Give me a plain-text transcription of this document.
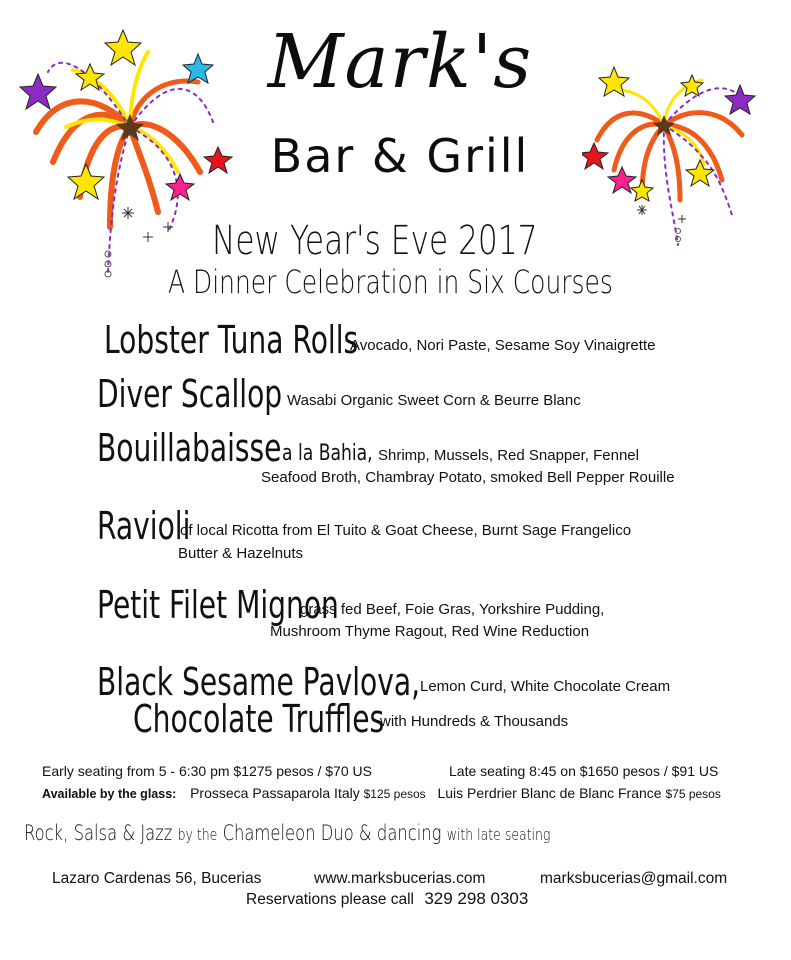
Mark's
Bar & Grill
New Year's Eve 2017
A Dinner Celebration in Six Courses
Lobster Tuna Rolls
Avocado, Nori Paste, Sesame Soy Vinaigrette
Diver Scallop Wasabi Organic Sweet Corn & Beurre Blanc
Bouillabaisse a la Bahia, Shrimp, Mussels, Red Snapper, Fennel
Seafood Broth, Chambray Potato, smoked Bell Pepper Rouille
Ravioli
of local Ricotta from El Tuito & Goat Cheese, Burnt Sage Frangelico
Butter & Hazelnuts
Petit Filet Mignon
grass fed Beef, Foie Gras, Yorkshire Pudding,
Mushroom Thyme Ragout, Red Wine Reduction
Black Sesame Pavlova, Lemon Curd, White Chocolate Cream
Chocolate Truffles
with Hundreds & Thousands
Early seating from 5 - 6:30 pm $1275 pesos / $70 US	Late seating 8:45 on $1650 pesos / $91 US
Available by the glass: Prosseca Passaparola Italy $125 pesos Luis Perdrier Blanc de Blanc France $75 pesos
Rock, Salsa & Jazz by the Chameleon Duo & dancing with late seating
Lazaro Cardenas 56, Bucerias	www.marksbucerias.com	marksbucerias@gmail.com
Reservations please call 329 298 0303
